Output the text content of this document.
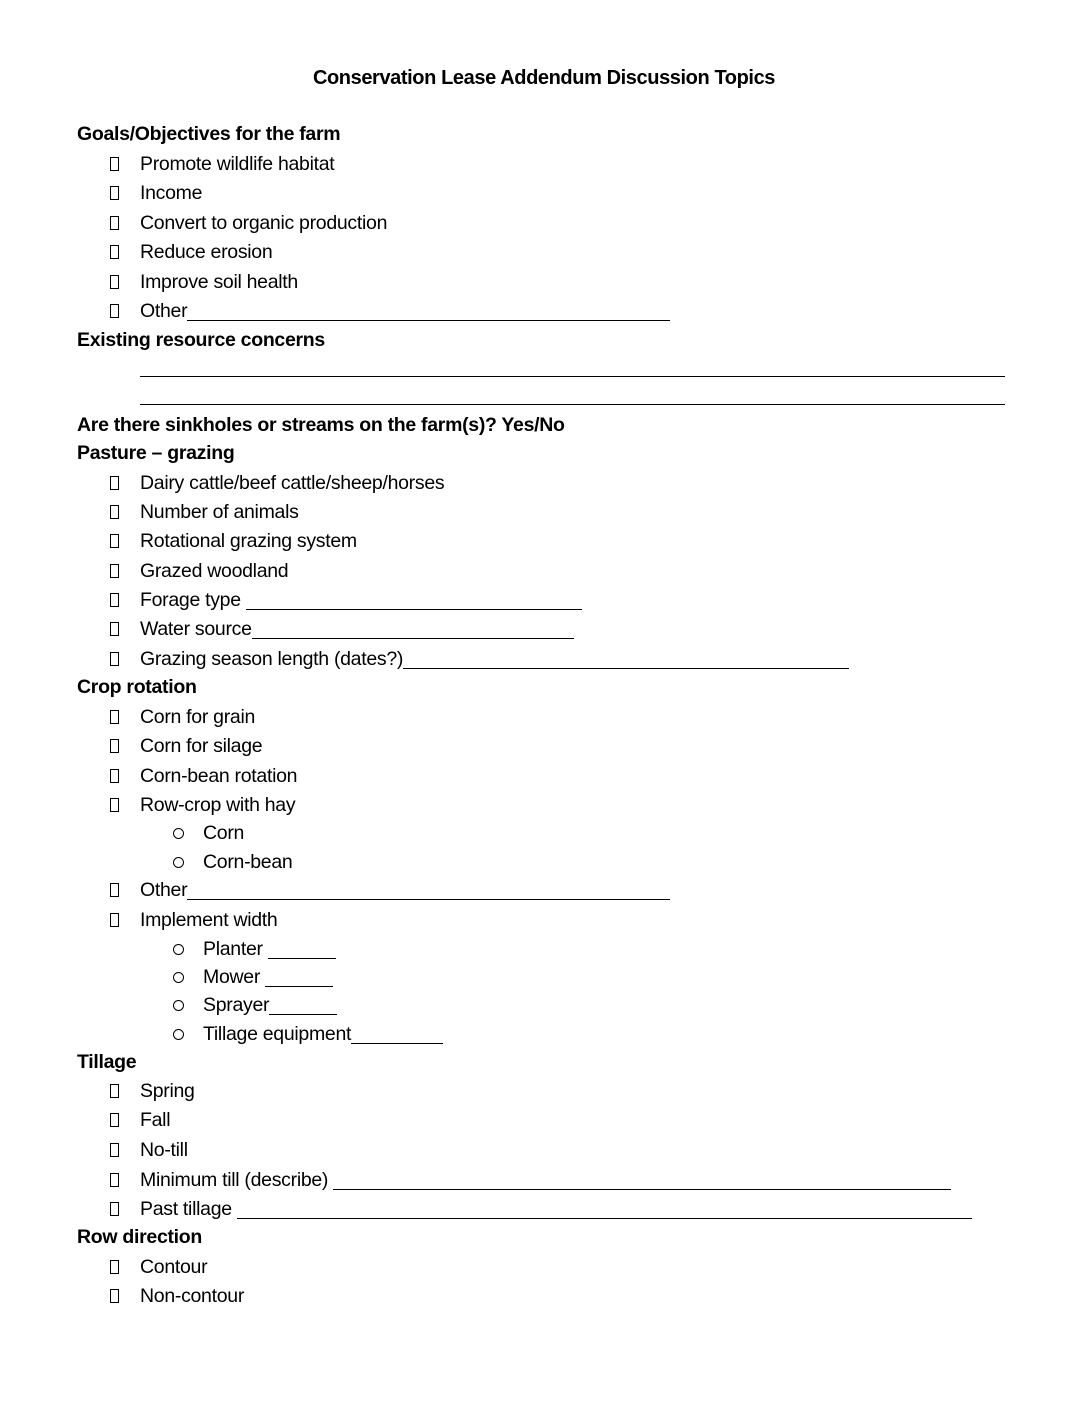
Conservation Lease Addendum Discussion Topics
Goals/Objectives for the farm
Promote wildlife habitat
Income
Convert to organic production
Reduce erosion
Improve soil health
Other
Existing resource concerns
Are there sinkholes or streams on the farm(s)? Yes/No
Pasture – grazing
Dairy cattle/beef cattle/sheep/horses
Number of animals
Rotational grazing system
Grazed woodland
Forage type
Water source
Grazing season length (dates?)
Crop rotation
Corn for grain
Corn for silage
Corn-bean rotation
Row-crop with hay
Corn
Corn-bean
Other
Implement width
Planter
Mower
Sprayer
Tillage equipment
Tillage
Spring
Fall
No-till
Minimum till (describe)
Past tillage
Row direction
Contour
Non-contour
